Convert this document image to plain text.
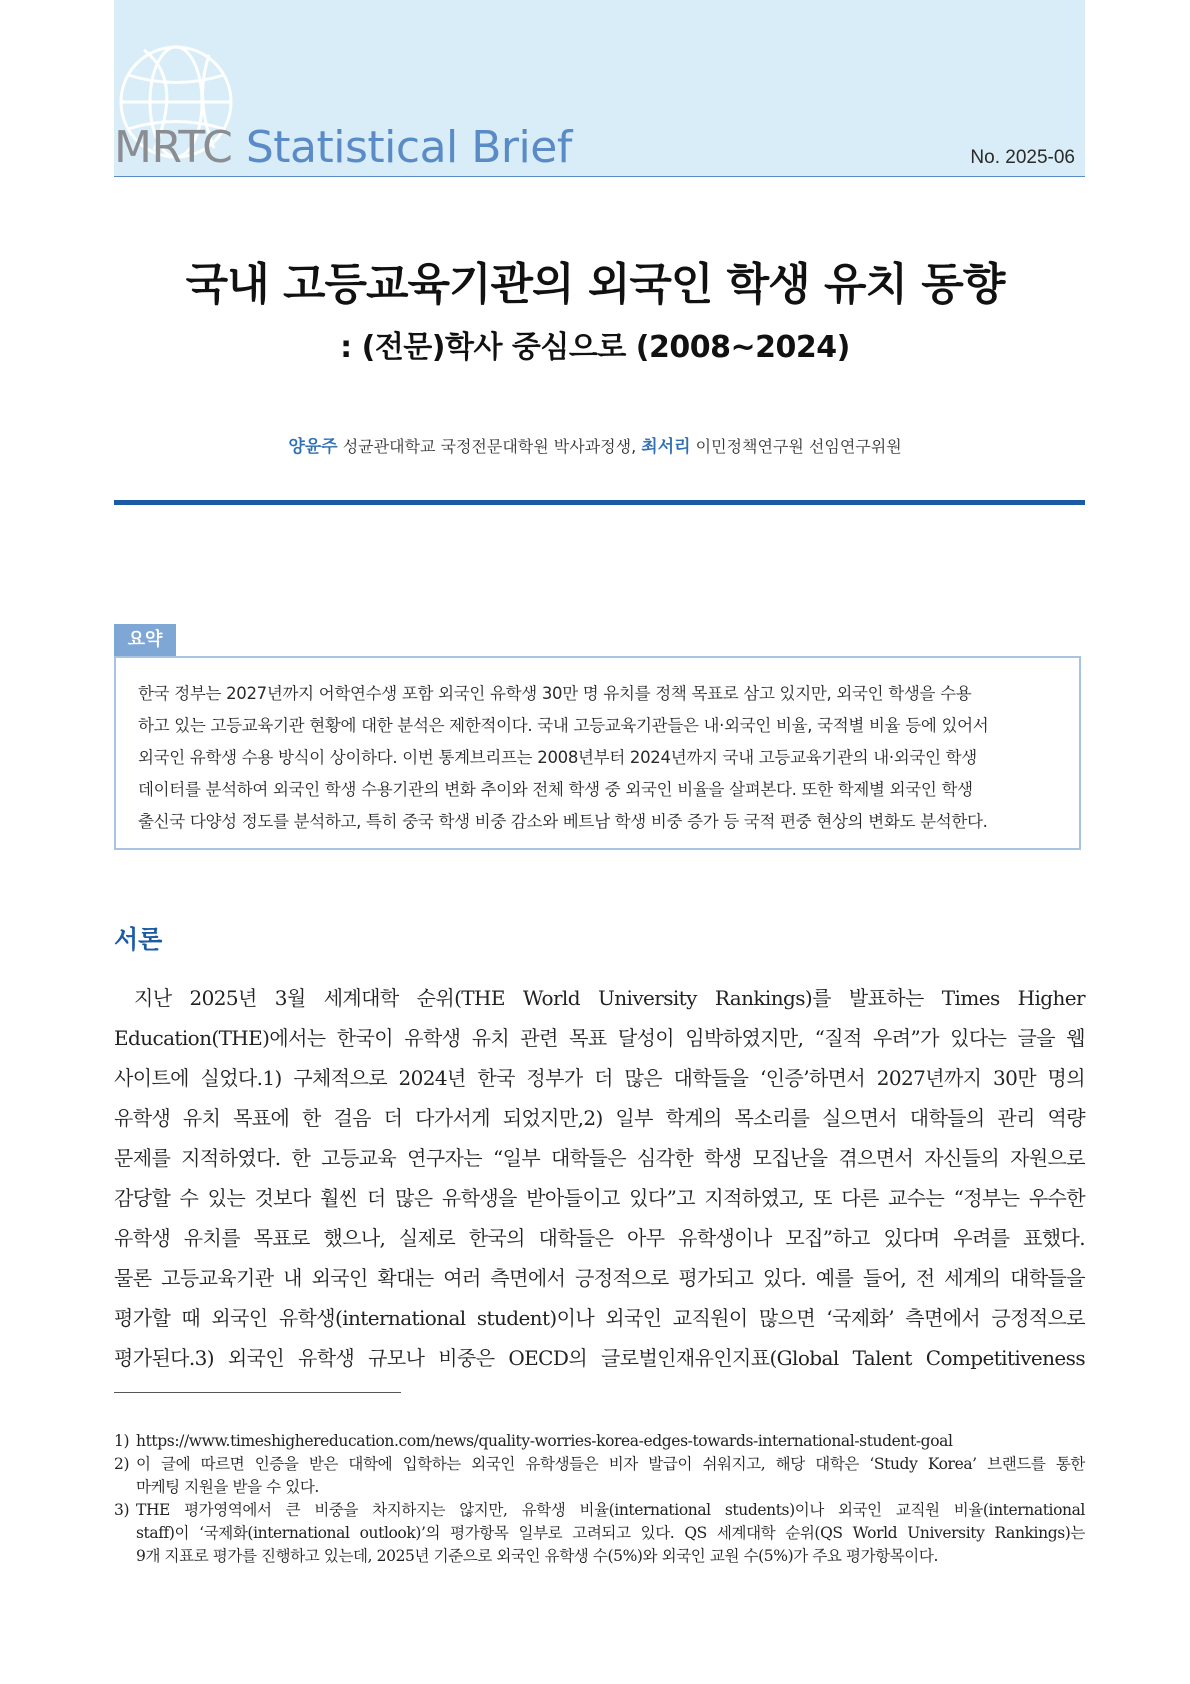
MRTC Statistical Brief	No. 2025-06
국내 고등교육기관의 외국인 학생 유치 동향
: (전문)학사 중심으로 (2008~2024)
양윤주 성균관대학교 국정전문대학원 박사과정생, 최서리 이민정책연구원 선임연구위원
요약
한국 정부는 2027년까지 어학연수생 포함 외국인 유학생 30만 명 유치를 정책 목표로 삼고 있지만, 외국인 학생을 수용
하고 있는 고등교육기관 현황에 대한 분석은 제한적이다. 국내 고등교육기관들은 내·외국인 비율, 국적별 비율 등에 있어서
외국인 유학생 수용 방식이 상이하다. 이번 통계브리프는 2008년부터 2024년까지 국내 고등교육기관의 내·외국인 학생
데이터를 분석하여 외국인 학생 수용기관의 변화 추이와 전체 학생 중 외국인 비율을 살펴본다. 또한 학제별 외국인 학생
출신국 다양성 정도를 분석하고, 특히 중국 학생 비중 감소와 베트남 학생 비중 증가 등 국적 편중 현상의 변화도 분석한다.
서론
지난 2025년 3월 세계대학 순위(THE World University Rankings)를 발표하는 Times Higher
Education(THE)에서는 한국이 유학생 유치 관련 목표 달성이 임박하였지만, “질적 우려”가 있다는 글을 웹
사이트에 실었다.1) 구체적으로 2024년 한국 정부가 더 많은 대학들을 ‘인증’하면서 2027년까지 30만 명의
유학생 유치 목표에 한 걸음 더 다가서게 되었지만,2) 일부 학계의 목소리를 실으면서 대학들의 관리 역량
문제를 지적하였다. 한 고등교육 연구자는 “일부 대학들은 심각한 학생 모집난을 겪으면서 자신들의 자원으로
감당할 수 있는 것보다 훨씬 더 많은 유학생을 받아들이고 있다”고 지적하였고, 또 다른 교수는 “정부는 우수한
유학생 유치를 목표로 했으나, 실제로 한국의 대학들은 아무 유학생이나 모집”하고 있다며 우려를 표했다.
물론 고등교육기관 내 외국인 확대는 여러 측면에서 긍정적으로 평가되고 있다. 예를 들어, 전 세계의 대학들을
평가할 때 외국인 유학생(international student)이나 외국인 교직원이 많으면 ‘국제화’ 측면에서 긍정적으로
평가된다.3) 외국인 유학생 규모나 비중은 OECD의 글로벌인재유인지표(Global Talent Competitiveness
1) https://www.timeshighereducation.com/news/quality-worries-korea-edges-towards-international-student-goal
2) 이 글에 따르면 인증을 받은 대학에 입학하는 외국인 유학생들은 비자 발급이 쉬워지고, 해당 대학은 ‘Study Korea’ 브랜드를 통한
마케팅 지원을 받을 수 있다.
3) THE 평가영역에서 큰 비중을 차지하지는 않지만, 유학생 비율(international students)이나 외국인 교직원 비율(international
staff)이 ‘국제화(international outlook)’의 평가항목 일부로 고려되고 있다. QS 세계대학 순위(QS World University Rankings)는
9개 지표로 평가를 진행하고 있는데, 2025년 기준으로 외국인 유학생 수(5%)와 외국인 교원 수(5%)가 주요 평가항목이다.
